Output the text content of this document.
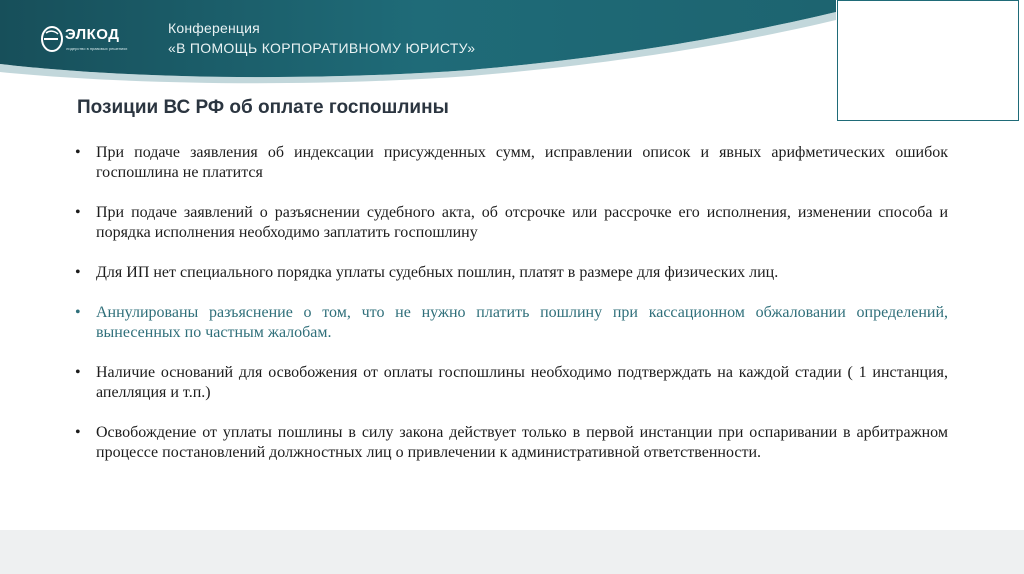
ЭЛКОД
лидерство в правовых решениях
Конференция
«В ПОМОЩЬ КОРПОРАТИВНОМУ ЮРИСТУ»
Позиции ВС РФ об оплате госпошлины
• При подаче заявления об индексации присужденных сумм, исправлении описок и явных арифметических ошибок госпошлина не платится
• При подаче заявлений о разъяснении судебного акта, об отсрочке или рассрочке его исполнения, изменении способа и порядка исполнения необходимо заплатить госпошлину
• Для ИП нет специального порядка уплаты судебных пошлин, платят в размере для физических лиц.
• Аннулированы разъяснение о том, что не нужно платить пошлину при кассационном обжаловании определений, вынесенных по частным жалобам.
• Наличие оснований для освобожения от оплаты госпошлины необходимо подтверждать на каждой стадии ( 1 инстанция, апелляция и т.п.)
• Освобождение от уплаты пошлины в силу закона действует только в первой инстанции при оспаривании в арбитражном процессе постановлений должностных лиц о привлечении к административной ответственности.
